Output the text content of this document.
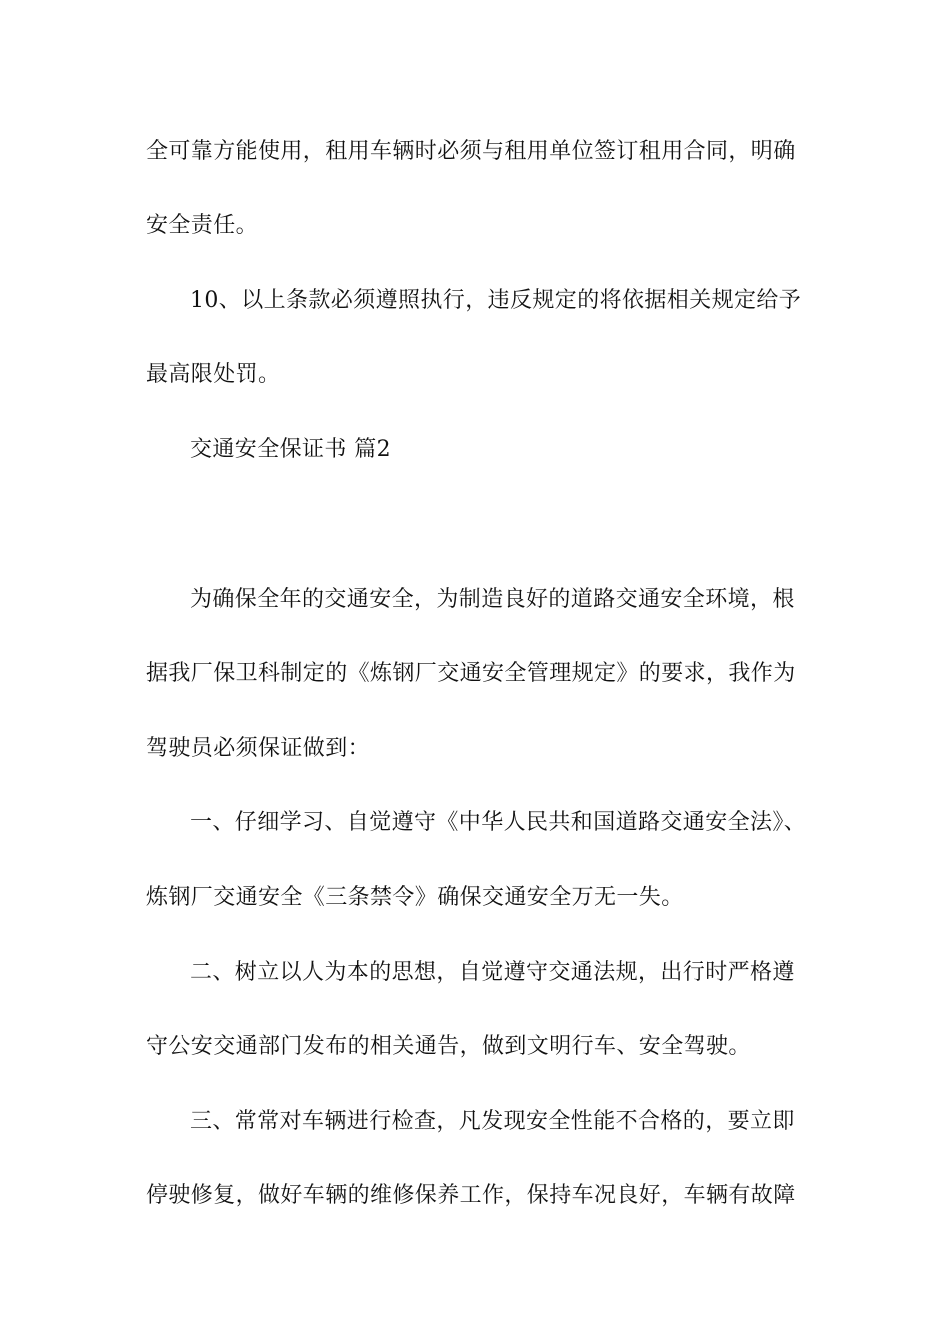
全可靠方能使用，租用车辆时必须与租用单位签订租用合同，明确
安全责任。
10、以上条款必须遵照执行，违反规定的将依据相关规定给予
最高限处罚。
交通安全保证书 篇2
为确保全年的交通安全，为制造良好的道路交通安全环境，根
据我厂保卫科制定的《炼钢厂交通安全管理规定》的要求，我作为
驾驶员必须保证做到：
一、仔细学习、自觉遵守《中华人民共和国道路交通安全法》、
炼钢厂交通安全《三条禁令》确保交通安全万无一失。
二、树立以人为本的思想，自觉遵守交通法规，出行时严格遵
守公安交通部门发布的相关通告，做到文明行车、安全驾驶。
三、常常对车辆进行检查，凡发现安全性能不合格的，要立即
停驶修复，做好车辆的维修保养工作，保持车况良好，车辆有故障
